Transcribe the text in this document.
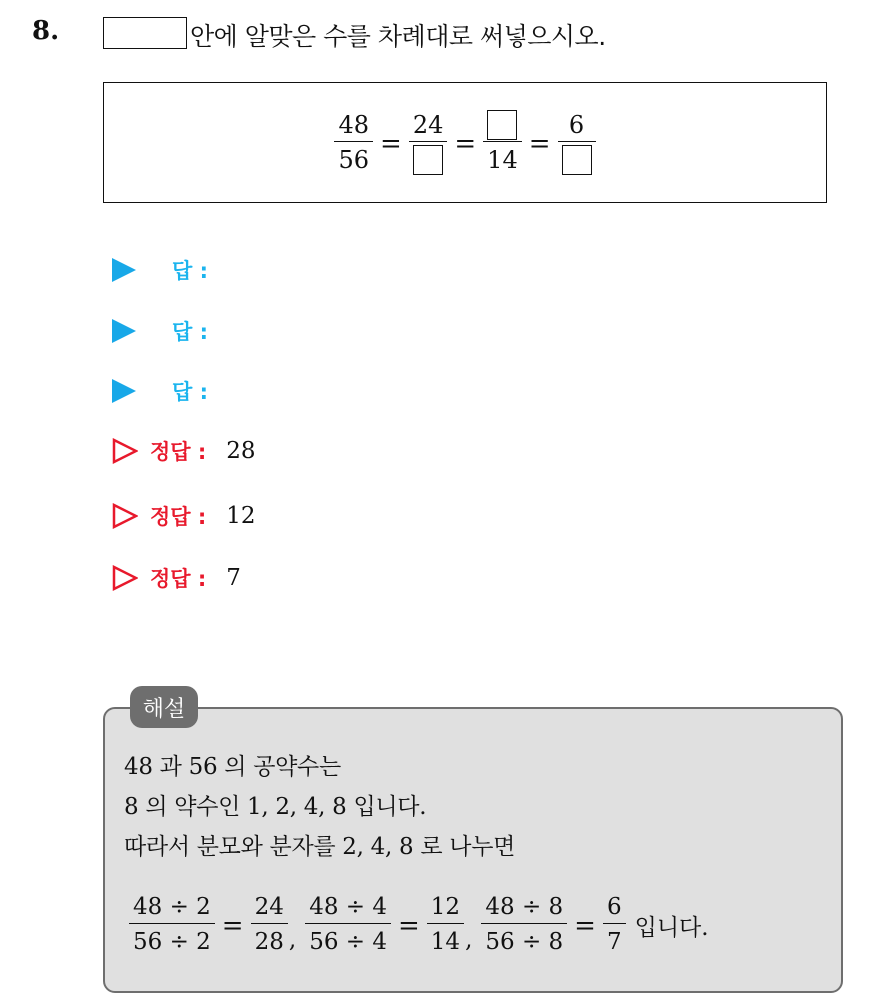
8.	안에 알맞은 수를 차례대로 써넣으시오.
$\frac{48}{56}$ =
24
=
14
=
6
답 :
답 :
답 :
정답 : 28
정답 : 12
정답 : 7
해설
48 과 56 의 공약수는
8 의 약수인 1, 2, 4, 8 입니다.
따라서 분모와 분자를 2, 4, 8 로 나누면
$\frac{48 \div 2}{56 \div 2} = \frac{24}{28}$ , $\frac{48 \div 4}{56 \div 4} = \frac{12}{14}$ , $\frac{48 \div 8}{56 \div 8} = \frac{6}{7}$ 입니다.
